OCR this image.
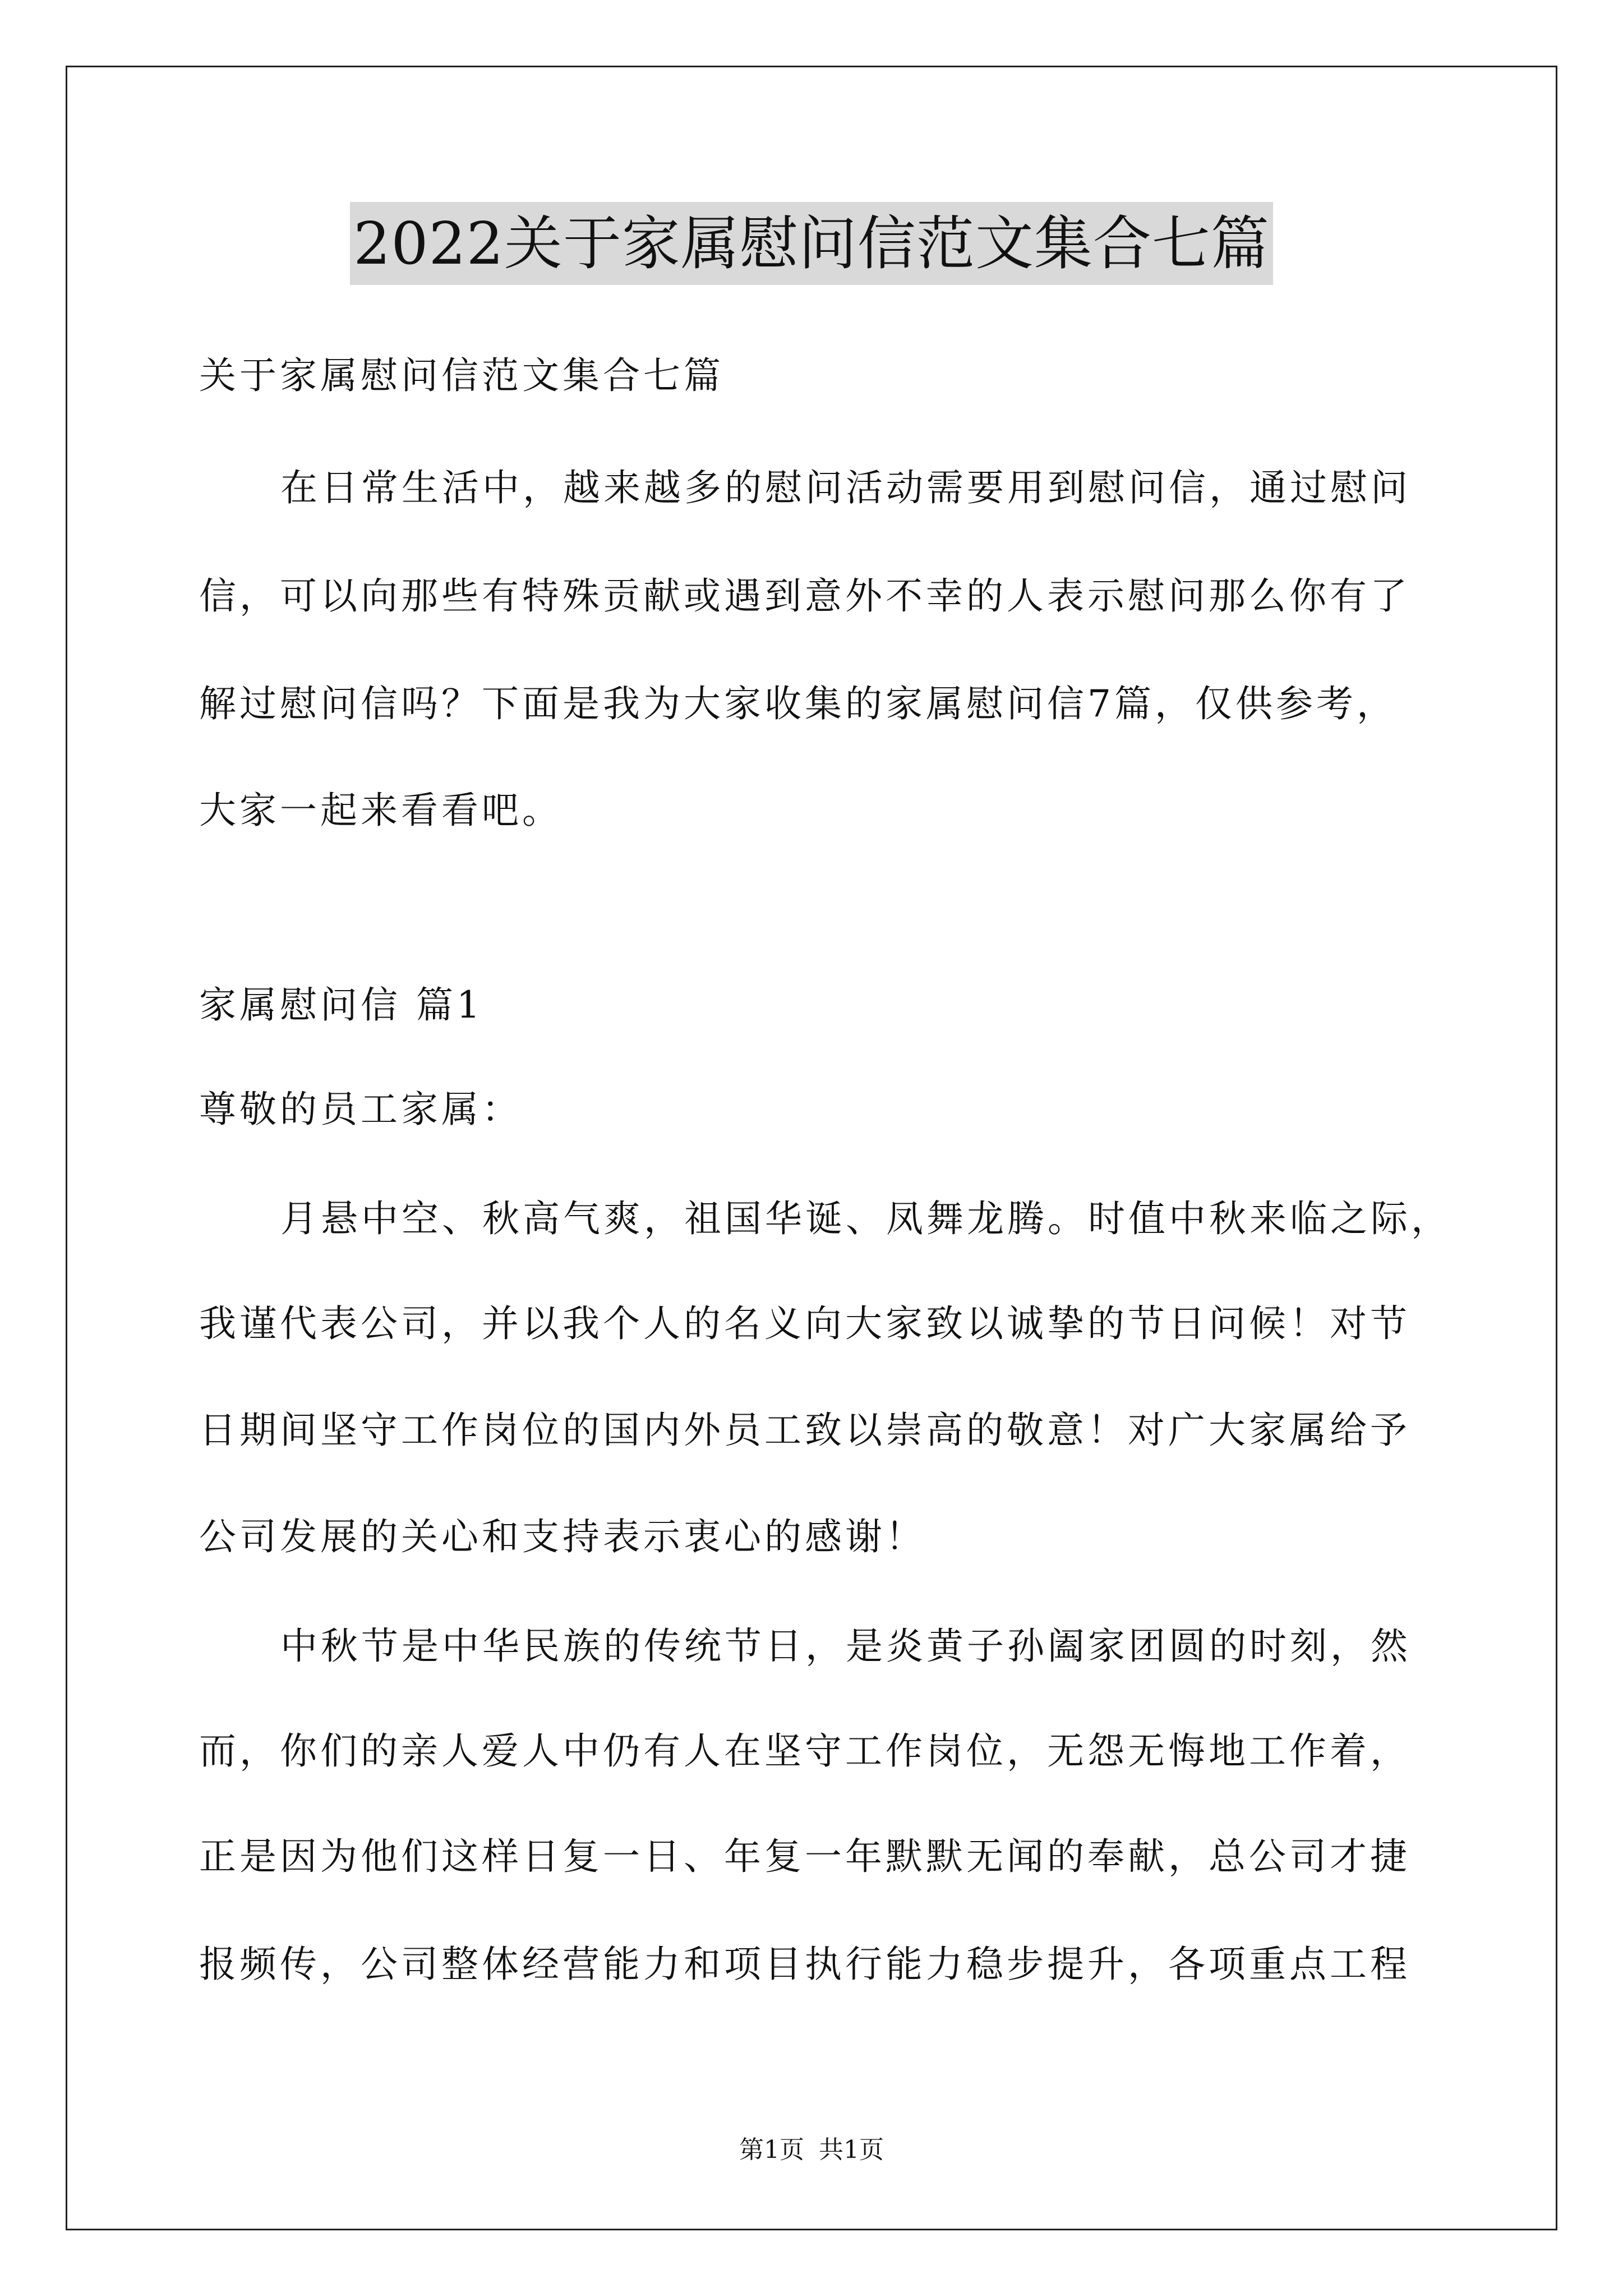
2022关于家属慰问信范文集合七篇
关于家属慰问信范文集合七篇
在日常生活中，越来越多的慰问活动需要用到慰问信，通过慰问
信，可以向那些有特殊贡献或遇到意外不幸的人表示慰问那么你有了
解过慰问信吗？下面是我为大家收集的家属慰问信7篇，仅供参考，
大家一起来看看吧。
家属慰问信 篇1
尊敬的员工家属：
月悬中空、秋高气爽，祖国华诞、凤舞龙腾。时值中秋来临之际，
我谨代表公司，并以我个人的名义向大家致以诚挚的节日问候！对节
日期间坚守工作岗位的国内外员工致以崇高的敬意！对广大家属给予
公司发展的关心和支持表示衷心的感谢！
中秋节是中华民族的传统节日，是炎黄子孙阖家团圆的时刻，然
而，你们的亲人爱人中仍有人在坚守工作岗位，无怨无悔地工作着，
正是因为他们这样日复一日、年复一年默默无闻的奉献，总公司才捷
报频传，公司整体经营能力和项目执行能力稳步提升，各项重点工程
第1页 共1页
